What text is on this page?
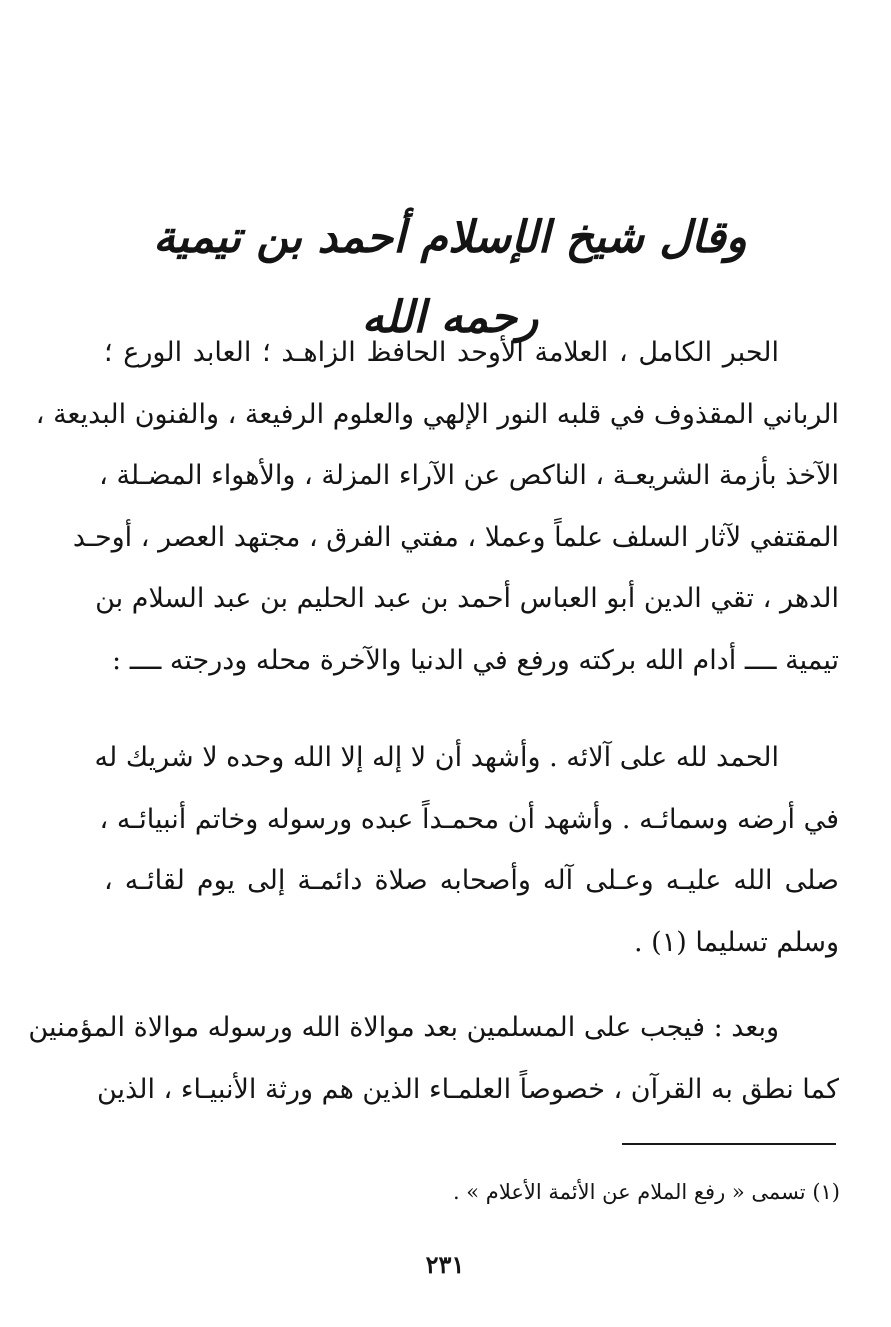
وقال شيخ الإسلام أحمد بن تيمية رحمه الله
الحبر الكامل ، العلامة الأوحد الحافظ الزاهـد ؛ العابد الورع ؛
الرباني المقذوف في قلبه النور الإلهي والعلوم الرفيعة ، والفنون البديعة ،
الآخذ بأزمة الشريعـة ، الناكص عن الآراء المزلة ، والأهواء المضـلة ،
المقتفي لآثار السلف علماً وعملا ، مفتي الفرق ، مجتهد العصر ، أوحـد
الدهر ، تقي الدين أبو العباس أحمد بن عبد الحليم بن عبد السلام بن
تيمية ــــ أدام الله بركته ورفع في الدنيا والآخرة محله ودرجته ــــ :
الحمد لله على آلائه . وأشهد أن لا إله إلا الله وحده لا شريك له
في أرضه وسمائـه . وأشهد أن محمـداً عبده ورسوله وخاتم أنبيائـه ،
صلى الله عليـه وعـلى آله وأصحابه صلاة دائمـة إلى يوم لقائـه ،
وسلم تسليما (١) .
وبعد : فيجب على المسلمين بعد موالاة الله ورسوله موالاة المؤمنين
كما نطق به القرآن ، خصوصاً العلمـاء الذين هم ورثة الأنبيـاء ، الذين
(١) تسمى « رفع الملام عن الأئمة الأعلام » .
٢٣١
